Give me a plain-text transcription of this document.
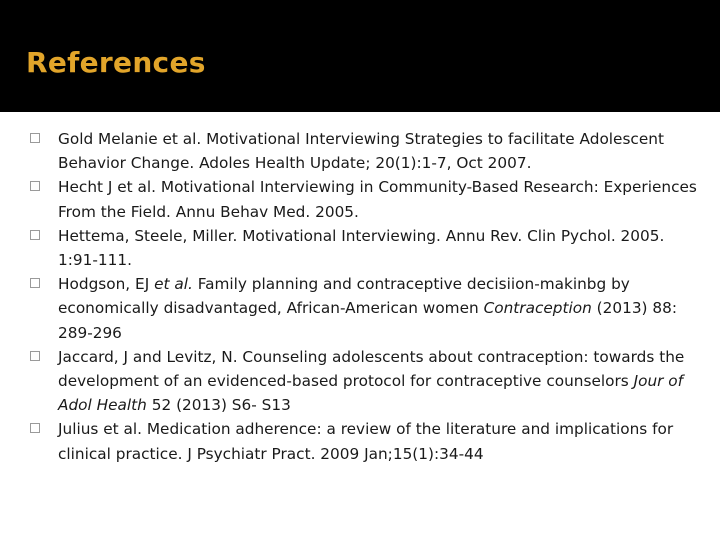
References
Gold Melanie et al. Motivational Interviewing Strategies to facilitate Adolescent Behavior Change. Adoles Health Update; 20(1):1-7, Oct 2007.
Hecht J et al. Motivational Interviewing in Community-Based Research: Experiences From the Field. Annu Behav Med. 2005.
Hettema, Steele, Miller. Motivational Interviewing. Annu Rev. Clin Pychol. 2005. 1:91-111.
Hodgson, EJ et al. Family planning and contraceptive decisiion-makinbg by economically disadvantaged, African-American women Contraception (2013) 88: 289-296
Jaccard, J and Levitz, N. Counseling adolescents about contraception: towards the development of an evidenced-based protocol for contraceptive counselors Jour of Adol Health 52 (2013) S6- S13
Julius et al. Medication adherence: a review of the literature and implications for clinical practice. J Psychiatr Pract. 2009 Jan;15(1):34-44
